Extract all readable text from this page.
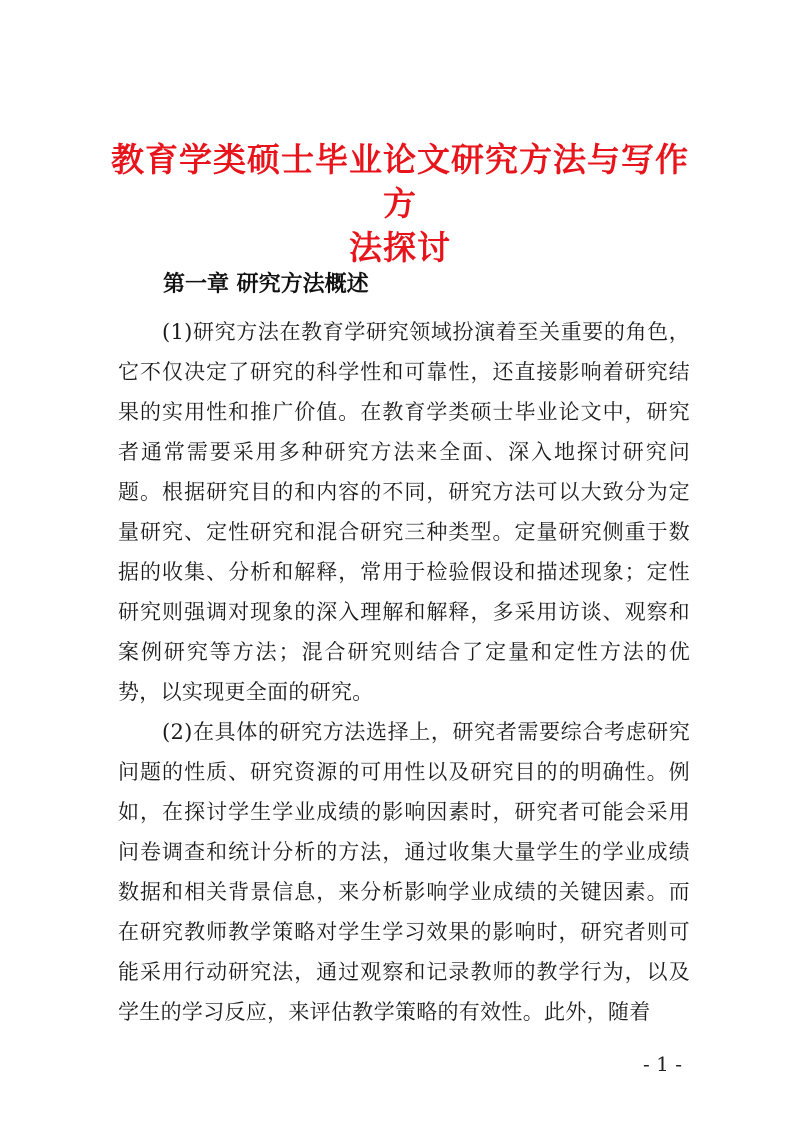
教育学类硕士毕业论文研究方法与写作方
法探讨
第一章 研究方法概述

(1)研究方法在教育学研究领域扮演着至关重要的角色，它不仅决定了研究的科学性和可靠性，还直接影响着研究结果的实用性和推广价值。在教育学类硕士毕业论文中，研究者通常需要采用多种研究方法来全面、深入地探讨研究问题。根据研究目的和内容的不同，研究方法可以大致分为定量研究、定性研究和混合研究三种类型。定量研究侧重于数据的收集、分析和解释，常用于检验假设和描述现象；定性研究则强调对现象的深入理解和解释，多采用访谈、观察和案例研究等方法；混合研究则结合了定量和定性方法的优势，以实现更全面的研究。

(2)在具体的研究方法选择上，研究者需要综合考虑研究问题的性质、研究资源的可用性以及研究目的的明确性。例如，在探讨学生学业成绩的影响因素时，研究者可能会采用问卷调查和统计分析的方法，通过收集大量学生的学业成绩数据和相关背景信息，来分析影响学业成绩的关键因素。而在研究教师教学策略对学生学习效果的影响时，研究者则可能采用行动研究法，通过观察和记录教师的教学行为，以及学生的学习反应，来评估教学策略的有效性。此外，随着

- 1 -
